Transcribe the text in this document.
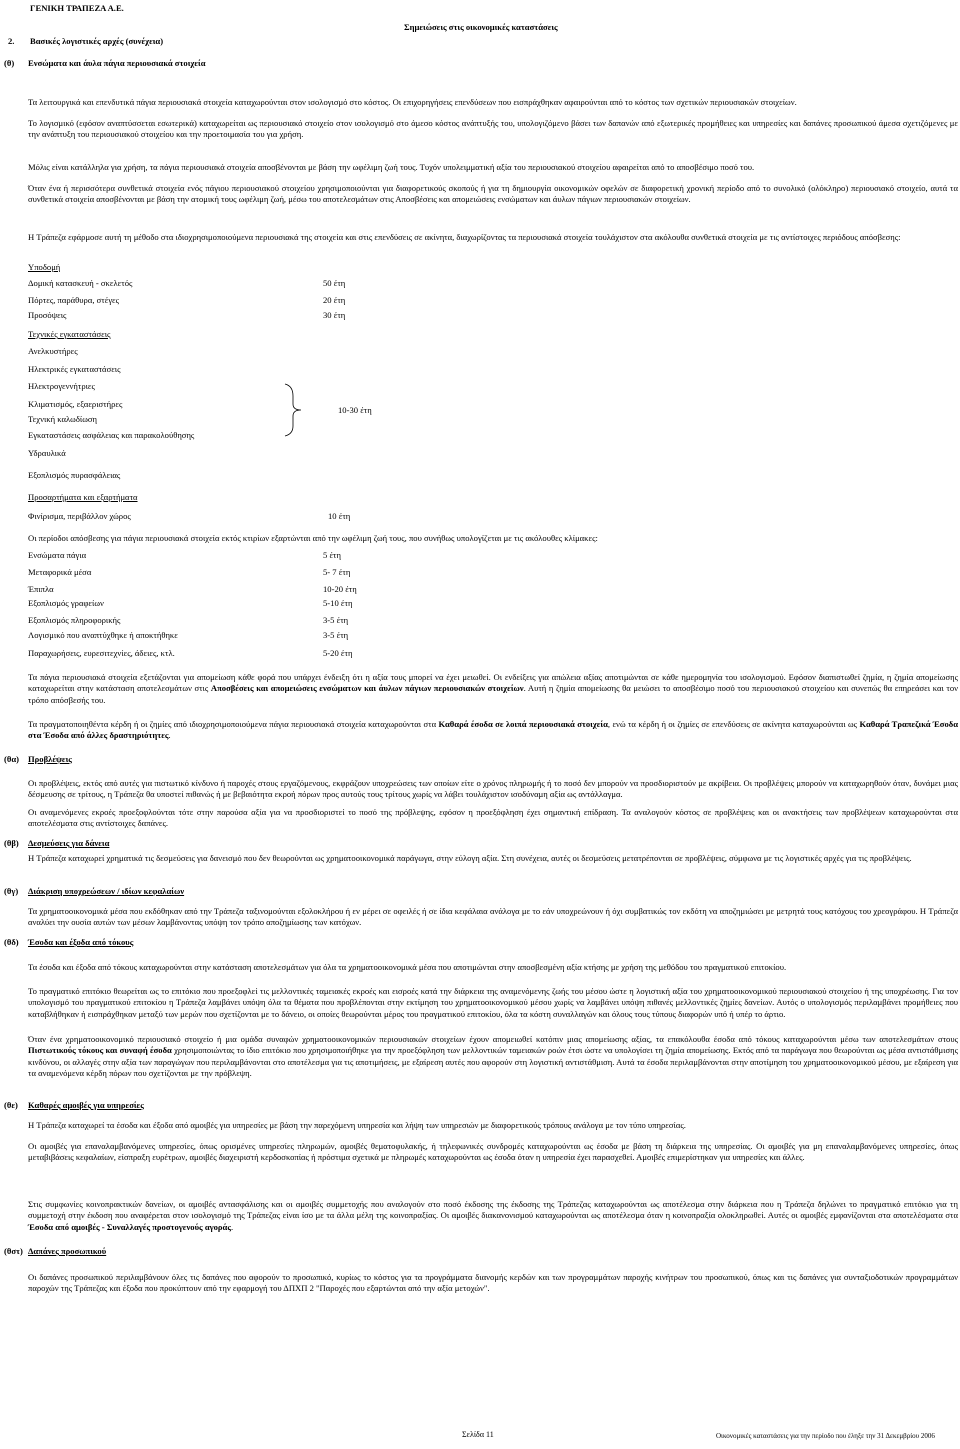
ΓΕΝΙΚΗ ΤΡΑΠΕΖΑ Α.Ε.
2. Βασικές λογιστικές αρχές (συνέχεια)
Σημειώσεις στις οικονομικές καταστάσεις
(θ) Ενσώματα και άυλα πάγια περιουσιακά στοιχεία

Τα λειτουργικά και επενδυτικά πάγια περιουσιακά στοιχεία καταχωρούνται στον ισολογισμό στο κόστος. Οι επιχορηγήσεις επενδύσεων που εισπράχθηκαν αφαιρούνται από το κόστος των σχετικών περιουσιακών στοιχείων.

Το λογισμικό (εφόσον αναπτύσσεται εσωτερικά) καταχωρείται ως περιουσιακό στοιχείο στον ισολογισμό στο άμεσο κόστος ανάπτυξής του, υπολογιζόμενο βάσει των δαπανών από εξωτερικές προμήθειες και υπηρεσίες και δαπάνες προσωπικού άμεσα σχετιζόμενες με την ανάπτυξη του περιουσιακού στοιχείου και την προετοιμασία του για χρήση.

Μόλις είναι κατάλληλα για χρήση, τα πάγια περιουσιακά στοιχεία αποσβένονται με βάση την ωφέλιμη ζωή τους. Τυχόν υπολειμματική αξία του περιουσιακού στοιχείου αφαιρείται από το αποσβέσιμο ποσό του.

Όταν ένα ή περισσότερα συνθετικά στοιχεία ενός πάγιου περιουσιακού στοιχείου χρησιμοποιούνται για διαφορετικούς σκοπούς ή για τη δημιουργία οικονομικών οφελών σε διαφορετική χρονική περίοδο από το συνολικό (ολόκληρο) περιουσιακό στοιχείο, αυτά τα συνθετικά στοιχεία αποσβένονται με βάση την ατομική τους ωφέλιμη ζωή, μέσω του αποτελεσμάτων στις Αποσβέσεις και απομειώσεις ενσώματων και άυλων πάγιων περιουσιακών στοιχείων.

Η Τράπεζα εφάρμοσε αυτή τη μέθοδο στα ιδιοχρησιμοποιούμενα περιουσιακά της στοιχεία και στις επενδύσεις σε ακίνητα, διαχωρίζοντας τα περιουσιακά στοιχεία τουλάχιστον στα ακόλουθα συνθετικά στοιχεία με τις αντίστοιχες περιόδους απόσβεσης:

Υποδομή
Δομική κατασκευή - σκελετός	50 έτη
Πόρτες, παράθυρα, στέγες	20 έτη
Προσόψεις	30 έτη
Τεχνικές εγκαταστάσεις
Ανελκυστήρες
Ηλεκτρικές εγκαταστάσεις
Ηλεκτρογεννήτριες
Κλιματισμός, εξαεριστήρες
Τεχνική καλωδίωση
Εγκαταστάσεις ασφάλειας και παρακολούθησης
Υδραυλικά
Εξοπλισμός πυρασφάλειας
10-30 έτη
Προσαρτήματα και εξαρτήματα
Φινίρισμα, περιβάλλον χώρος	10 έτη

Οι περίοδοι απόσβεσης για πάγια περιουσιακά στοιχεία εκτός κτιρίων εξαρτώνται από την ωφέλιμη ζωή τους, που συνήθως υπολογίζεται με τις ακόλουθες κλίμακες:

Ενσώματα πάγια	5 έτη
Μεταφορικά μέσα	5- 7 έτη
Έπιπλα	10-20 έτη
Εξοπλισμός γραφείων	5-10 έτη
Εξοπλισμός πληροφορικής	3-5 έτη
Λογισμικό που αναπτύχθηκε ή αποκτήθηκε	3-5 έτη
Παραχωρήσεις, ευρεσιτεχνίες, άδειες, κτλ.	5-20 έτη

Τα πάγια περιουσιακά στοιχεία εξετάζονται για απομείωση κάθε φορά που υπάρχει ένδειξη ότι η αξία τους μπορεί να έχει μειωθεί. Οι ενδείξεις για απώλεια αξίας αποτιμώνται σε κάθε ημερομηνία του ισολογισμού. Εφόσον διαπιστωθεί ζημία, η ζημία απομείωσης καταχωρείται στην κατάσταση αποτελεσμάτων στις Αποσβέσεις και απομειώσεις ενσώματων και άυλων πάγιων περιουσιακών στοιχείων. Αυτή η ζημία απομείωσης θα μειώσει το αποσβέσιμο ποσό του περιουσιακού στοιχείου και συνεπώς θα επηρεάσει και τον τρόπο απόσβεσής του.

Τα πραγματοποιηθέντα κέρδη ή οι ζημίες από ιδιοχρησιμοποιούμενα πάγια περιουσιακά στοιχεία καταχωρούνται στα Καθαρά έσοδα σε λοιπά περιουσιακά στοιχεία, ενώ τα κέρδη ή οι ζημίες σε επενδύσεις σε ακίνητα καταχωρούνται ως Καθαρά Τραπεζικά Έσοδα στα Έσοδα από άλλες δραστηριότητες.

(θα) Προβλέψεις

Οι προβλέψεις, εκτός από αυτές για πιστωτικό κίνδυνο ή παροχές στους εργαζόμενους, εκφράζουν υποχρεώσεις των οποίων είτε ο χρόνος πληρωμής ή το ποσό δεν μπορούν να προσδιοριστούν με ακρίβεια. Οι προβλέψεις μπορούν να καταχωρηθούν όταν, δυνάμει μιας δέσμευσης σε τρίτους, η Τράπεζα θα υποστεί πιθανώς ή με βεβαιότητα εκροή πόρων προς αυτούς τους τρίτους χωρίς να λάβει τουλάχιστον ισοδύναμη αξία ως αντάλλαγμα.

Οι αναμενόμενες εκροές προεξοφλούνται τότε στην παρούσα αξία για να προσδιοριστεί το ποσό της πρόβλεψης, εφόσον η προεξόφληση έχει σημαντική επίδραση. Τα αναλογούν κόστος σε προβλέψεις και οι ανακτήσεις των προβλέψεων καταχωρούνται στα αποτελέσματα στις αντίστοιχες δαπάνες.

(θβ) Δεσμεύσεις για δάνεια

Η Τράπεζα καταχωρεί χρηματικά τις δεσμεύσεις για δανεισμό που δεν θεωρούνται ως χρηματοοικονομικά παράγωγα, στην εύλογη αξία. Στη συνέχεια, αυτές οι δεσμεύσεις μετατρέπονται σε προβλέψεις, σύμφωνα με τις λογιστικές αρχές για τις προβλέψεις.

(θγ) Διάκριση υποχρεώσεων / ιδίων κεφαλαίων

Τα χρηματοοικονομικά μέσα που εκδόθηκαν από την Τράπεζα ταξινομούνται εξολοκλήρου ή εν μέρει σε οφειλές ή σε ίδια κεφάλαια ανάλογα με το εάν υποχρεώνουν ή όχι συμβατικώς τον εκδότη να αποζημιώσει με μετρητά τους κατόχους του χρεογράφου. Η Τράπεζα αναλύει την ουσία αυτών των μέσων λαμβάνοντας υπόψη τον τρόπο αποζημίωσης των κατόχων.

(θδ) Έσοδα και έξοδα από τόκους

Τα έσοδα και έξοδα από τόκους καταχωρούνται στην κατάσταση αποτελεσμάτων για όλα τα χρηματοοικονομικά μέσα που αποτιμώνται στην αποσβεσμένη αξία κτήσης με χρήση της μεθόδου του πραγματικού επιτοκίου.

Το πραγματικό επιτόκιο θεωρείται ως το επιτόκιο που προεξοφλεί τις μελλοντικές ταμειακές εκροές και εισροές κατά την διάρκεια της αναμενόμενης ζωής του μέσου ώστε η λογιστική αξία του χρηματοοικονομικού περιουσιακού στοιχείου ή της υποχρέωσης. Για τον υπολογισμό του πραγματικού επιτοκίου η Τράπεζα λαμβάνει υπόψη όλα τα θέματα που προβλέπονται στην εκτίμηση του χρηματοοικονομικού μέσου χωρίς να λαμβάνει υπόψη πιθανές μελλοντικές ζημίες δανείων. Αυτός ο υπολογισμός περιλαμβάνει προμήθειες που καταβλήθηκαν ή εισπράχθηκαν μεταξύ των μερών που σχετίζονται με το δάνειο, οι οποίες θεωρούνται μέρος του πραγματικού επιτοκίου, όλα τα κόστη συναλλαγών και όλους τους τύπους διαφορών υπό ή υπέρ το άρτιο.

Όταν ένα χρηματοοικονομικό περιουσιακό στοιχείο ή μια ομάδα συναφών χρηματοοικονομικών περιουσιακών στοιχείων έχουν απομειωθεί κατόπιν μιας απομείωσης αξίας, τα επακόλουθα έσοδα από τόκους καταχωρούνται μέσω των αποτελεσμάτων στους Πιστωτικούς τόκους και συναφή έσοδα χρησιμοποιώντας το ίδιο επιτόκιο που χρησιμοποιήθηκε για την προεξόφληση των μελλοντικών ταμειακών ροών έτσι ώστε να υπολογίσει τη ζημία απομείωσης. Εκτός από τα παράγωγα που θεωρούνται ως μέσα αντιστάθμισης κινδύνου, οι αλλαγές στην αξία των παραγώγων που περιλαμβάνονται στο αποτέλεσμα για τις αποτιμήσεις, με εξαίρεση αυτές που αφορούν στη λογιστική αντιστάθμιση. Αυτά τα έσοδα περιλαμβάνονται στην αποτίμηση του χρηματοοικονομικού μέσου, με εξαίρεση για τα αναμενόμενα κέρδη πόρων που σχετίζονται με την πρόβλεψη.

(θε) Καθαρές αμοιβές για υπηρεσίες

Η Τράπεζα καταχωρεί τα έσοδα και έξοδα από αμοιβές για υπηρεσίες με βάση την παρεχόμενη υπηρεσία και λήψη των υπηρεσιών με διαφορετικούς τρόπους ανάλογα με τον τύπο υπηρεσίας.

Οι αμοιβές για επαναλαμβανόμενες υπηρεσίες, όπως ορισμένες υπηρεσίες πληρωμών, αμοιβές θεματοφυλακής, ή τηλεφωνικές συνδρομές καταχωρούνται ως έσοδα με βάση τη διάρκεια της υπηρεσίας. Οι αμοιβές για μη επαναλαμβανόμενες υπηρεσίες, όπως μεταβιβάσεις κεφαλαίων, είσπραξη ευρέτρων, αμοιβές διαχειριστή κερδοσκοπίας ή πρόστιμα σχετικά με πληρωμές καταχωρούνται ως έσοδα όταν η υπηρεσία έχει παρασχεθεί. Αμοιβές επιμερίστηκαν για υπηρεσίες και άλλες.

Στις συμφωνίες κοινοπρακτικών δανείων, οι αμοιβές αντασφάλισης και οι αμοιβές συμμετοχής που αναλογούν στο ποσό έκδοσης της έκδοσης της Τράπεζας καταχωρούνται ως αποτέλεσμα στην διάρκεια που η Τράπεζα δηλώνει το πραγματικό επιτόκιο για τη συμμετοχή στην έκδοση που αναφέρεται στον ισολογισμό της Τράπεζας είναι ίσο με τα άλλα μέλη της κοινοπραξίας. Οι αμοιβές διακανονισμού καταχωρούνται ως αποτέλεσμα όταν η κοινοπραξία ολοκληρωθεί. Αυτές οι αμοιβές εμφανίζονται στα αποτελέσματα στα Έσοδα από αμοιβές - Συναλλαγές προστογενούς αγοράς.

(θστ) Δαπάνες προσωπικού

Οι δαπάνες προσωπικού περιλαμβάνουν όλες τις δαπάνες που αφορούν το προσωπικό, κυρίως το κόστος για τα προγράμματα διανομής κερδών και των προγραμμάτων παροχής κινήτρων του προσωπικού, όπως και τις δαπάνες για συνταξιοδοτικών προγραμμάτων παροχών της Τράπεζας και έξοδα που προκύπτουν από την εφαρμογή του ΔΠΧΠ 2 "Παροχές που εξαρτώνται από την αξία μετοχών".

Σελίδα 11	Οικονομικές καταστάσεις για την περίοδο που έληξε την 31 Δεκεμβρίου 2006
